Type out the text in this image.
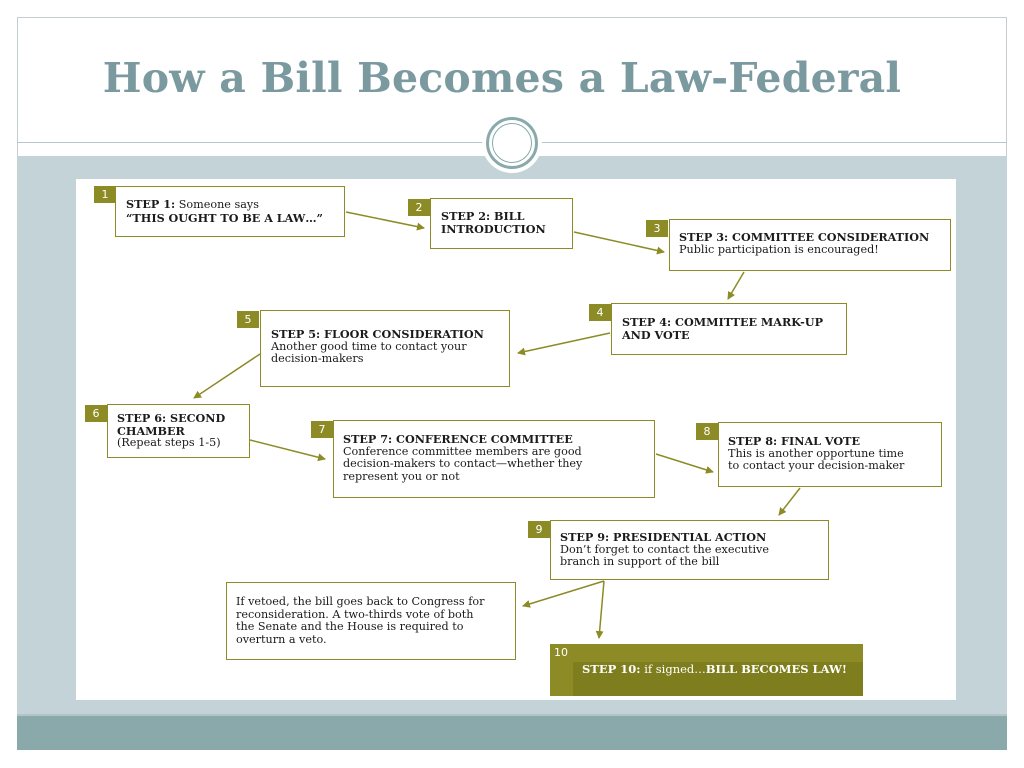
How a Bill Becomes a Law-Federal
1
STEP 1: Someone says
“THIS OUGHT TO BE A LAW…”
2
STEP 2: BILL
INTRODUCTION	3
STEP 3: COMMITTEE CONSIDERATION
Public participation is encouraged!
4
STEP 4: COMMITTEE MARK-UP
AND VOTE
5
STEP 5: FLOOR CONSIDERATION
Another good time to contact your
decision-makers
6	STEP 6: SECOND
CHAMBER
(Repeat steps 1-5)
7
STEP 7: CONFERENCE COMMITTEE
Conference committee members are good
decision-makers to contact—whether they
represent you or not
8
STEP 8: FINAL VOTE
This is another opportune time
to contact your decision-maker
9
STEP 9: PRESIDENTIAL ACTION
Don’t forget to contact the executive
branch in support of the bill
If vetoed, the bill goes back to Congress for
reconsideration. A two-thirds vote of both
the Senate and the House is required to
overturn a veto.
10
STEP 10: if signed…BILL BECOMES LAW!
